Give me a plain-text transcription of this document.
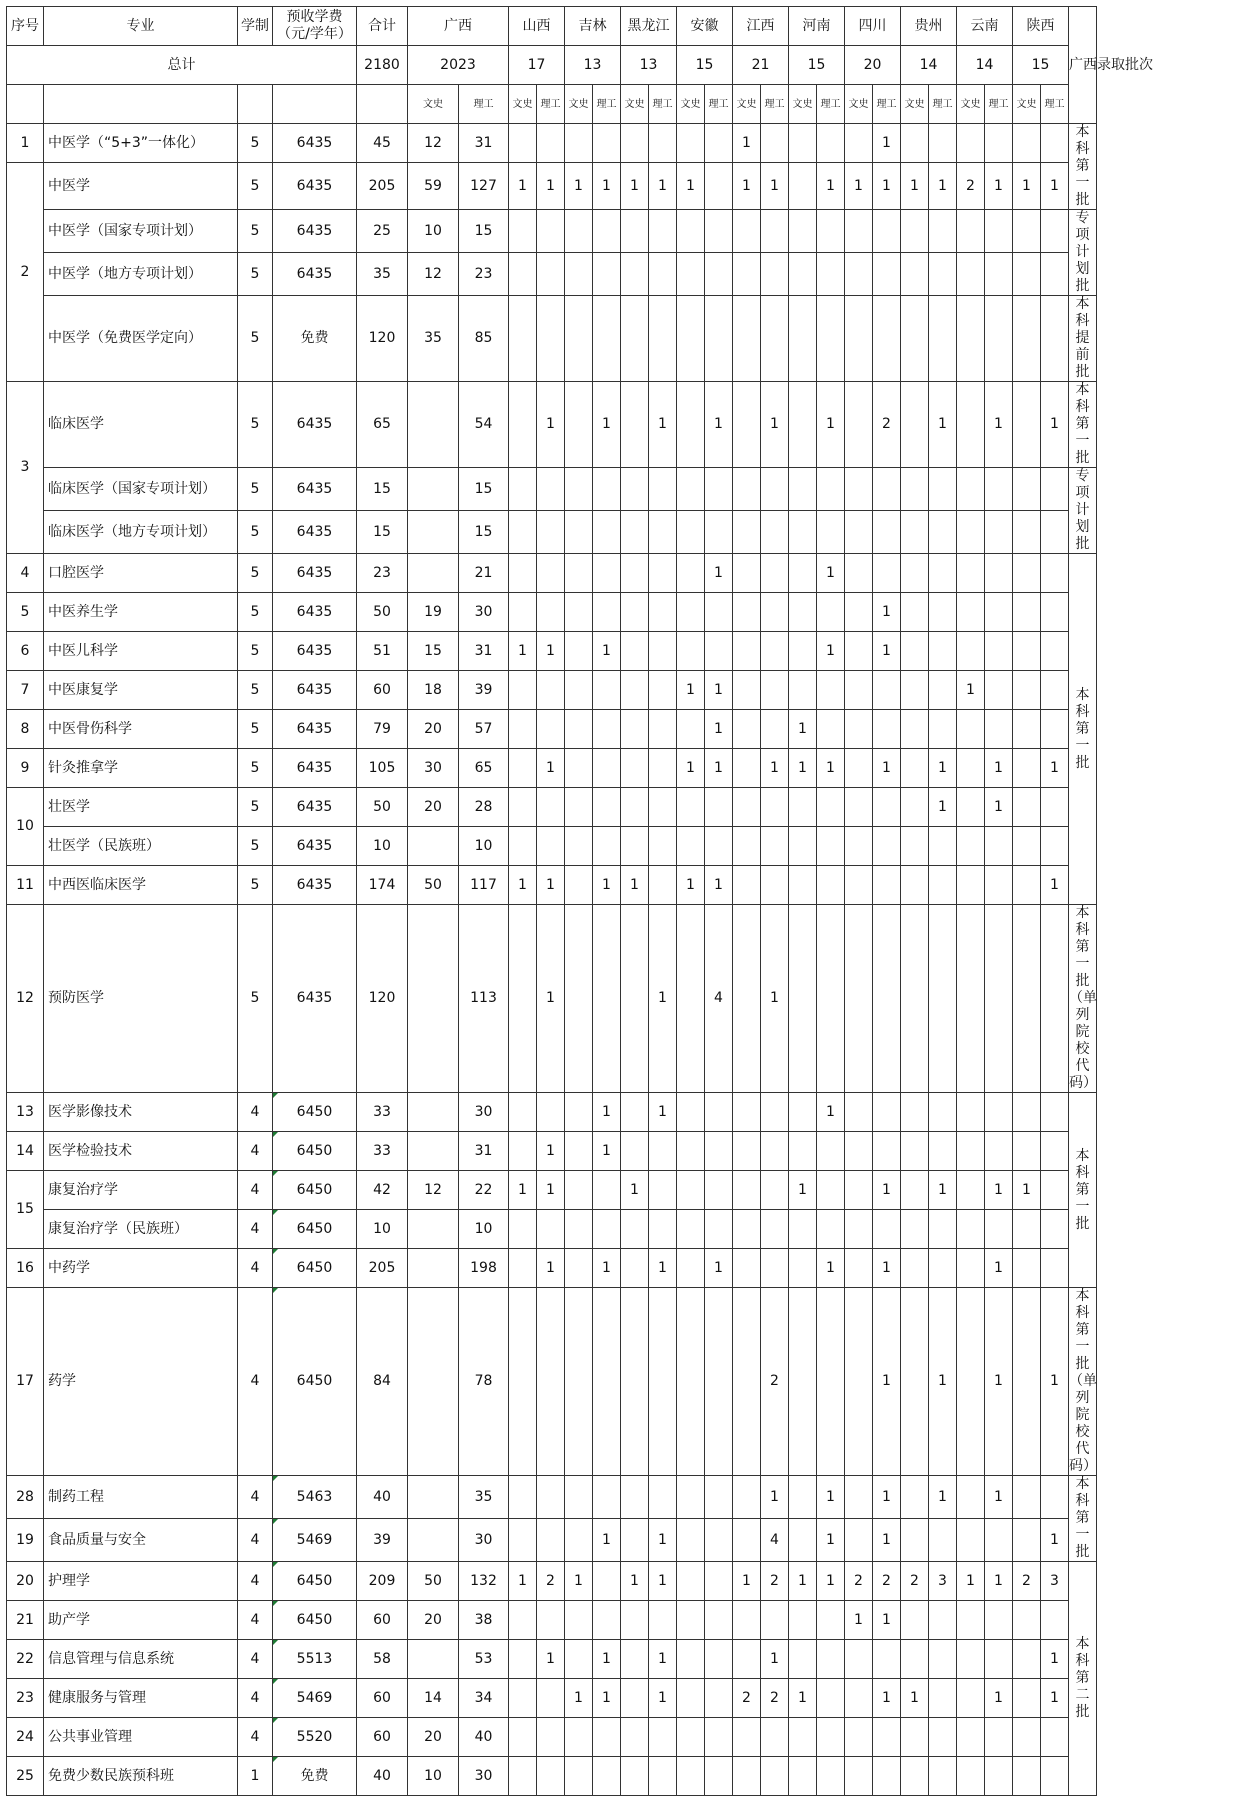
序号	专业	学制	预收学费（元/学年）	合计	广西		山西		吉林		黑龙江		安徽		江西		河南		四川		贵州		云南		陕西		广西录取批次
总计				2180	2023		17		13		13		15		21		15		20		14		14		15		
					文史	理工	文史	理工	文史	理工	文史	理工	文史	理工	文史	理工	文史	理工	文史	理工	文史	理工	文史	理工	文史	理工	
1	中医学（“5+3”一体化）	5	6435	45	12	31									1					1							本科第一批
2	中医学	5	6435	205	59	127	1	1	1	1	1	1	1		1	1		1	1	1	1	1	2	1	1	1	
	中医学（国家专项计划）	5	6435	25	10	15																					专项计划批
	中医学（地方专项计划）	5	6435	35	12	23																					
	中医学（免费医学定向）	5	免费	120	35	85																					本科提前批
3	临床医学	5	6435	65		54		1		1		1		1		1		1		2		1		1		1	本科第一批
	临床医学（国家专项计划）	5	6435	15		15																					专项计划批
	临床医学（地方专项计划）	5	6435	15		15																					
4	口腔医学	5	6435	23		21								1				1									本科第一批
5	中医养生学	5	6435	50	19	30														1							
6	中医儿科学	5	6435	51	15	31	1	1		1								1		1							
7	中医康复学	5	6435	60	18	39							1	1									1				
8	中医骨伤科学	5	6435	79	20	57								1			1										
9	针灸推拿学	5	6435	105	30	65		1					1	1		1	1	1		1		1		1		1	
10	壮医学	5	6435	50	20	28																1		1			
	壮医学（民族班）	5	6435	10		10																					
11	中西医临床医学	5	6435	174	50	117	1	1		1	1		1	1												1	
12	预防医学	5	6435	120		113		1				1		4		1											本科第一批（单列院校代码）
13	医学影像技术	4	6450	33		30				1		1						1									本科第一批
14	医学检验技术	4	6450	33		31		1		1																	
15	康复治疗学	4	6450	42	12	22	1	1			1						1			1		1		1	1		
	康复治疗学（民族班）	4	6450	10		10																					
16	中药学	4	6450	205		198		1		1		1		1				1		1				1			
17	药学	4	6450	84		78										2				1		1		1		1	本科第一批（单列院校代码）
28	制药工程	4	5463	40		35										1		1		1		1		1			本科第一批
19	食品质量与安全	4	5469	39		30				1		1				4		1		1						1	
20	护理学	4	6450	209	50	132	1	2	1		1	1			1	2	1	1	2	2	2	3	1	1	2	3	本科第二批
21	助产学	4	6450	60	20	38													1	1							
22	信息管理与信息系统	4	5513	58		53		1		1		1				1										1	
23	健康服务与管理	4	5469	60	14	34			1	1		1			2	2	1			1	1			1		1	
24	公共事业管理	4	5520	60	20	40																					
25	免费少数民族预科班	1	免费	40	10	30																					
